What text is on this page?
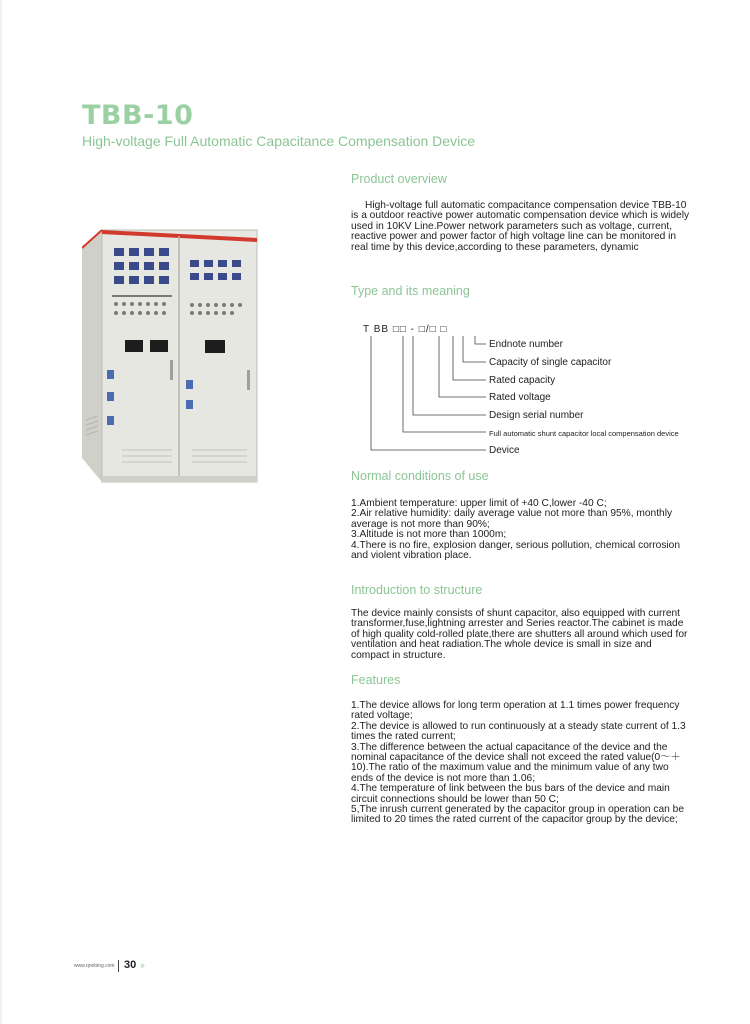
TBB-10
High-voltage Full Automatic Capacitance Compensation Device
Product overview

High-voltage full automatic compacitance compensation device TBB-10 is a outdoor reactive power automatic compensation device which is widely used in 10KV Line.Power network parameters such as voltage, current, reactive power and power factor of high voltage line can be monitored in real time by this device,according to these parameters, dynamic

Type and its meaning
T BB □□ - □/□ □
Endnote number
Capacity of single capacitor
Rated capacity
Rated voltage
Design serial number
Full automatic shunt capacitor local compensation device
Device
Normal conditions of use

1.Ambient temperature: upper limit of +40 C,lower -40 C;

2.Air relative humidity: daily average value not more than 95%, monthly average is not more than 90%;

3.Altitude is not more than 1000m;

4.There is no fire, explosion danger, serious pollution, chemical corrosion and violent vibration place.

Introduction to structure

The device mainly consists of shunt capacitor, also equipped with current transformer,fuse,lightning arrester and Series reactor.The cabinet is made of high quality cold-rolled plate,there are shutters all around which used for ventilation and heat radiation.The whole device is small in size and compact in structure.

Features

1.The device allows for long term operation at 1.1 times power frequency rated voltage;

2.The device is allowed to run continuously at a steady state current of 1.3 times the rated current;

3.The difference between the actual capacitance of the device and the nominal capacitance of the device shall not exceed the rated value(0～＋10).The ratio of the maximum value and the minimum value of any two ends of the device is not more than 1.06;

4.The temperature of link between the bus bars of the device and main circuit connections should be lower than 50 C;

5,The inrush current generated by the capacitor group in operation can be limited to 20 times the rated current of the capacitor group by the device;

www.qnebing.com 30 ›››
